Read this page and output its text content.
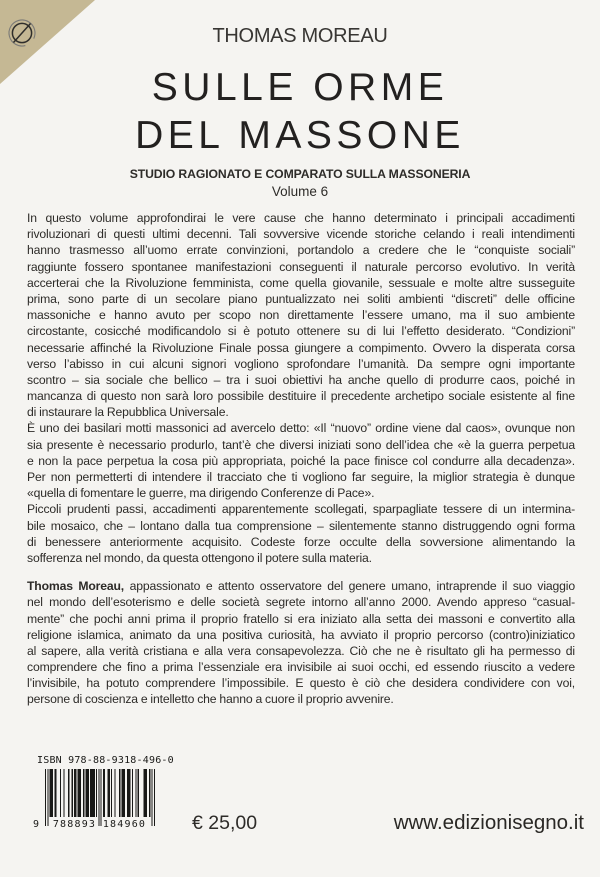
THOMAS MOREAU
SULLE ORME
DEL MASSONE
STUDIO RAGIONATO E COMPARATO SULLA MASSONERIA
Volume 6
In questo volume approfondirai le vere cause che hanno determinato i principali accadimenti
rivoluzionari di questi ultimi decenni. Tali sovversive vicende storiche celando i reali intendimenti
hanno trasmesso all’uomo errate convinzioni, portandolo a credere che le “conquiste sociali”
raggiunte fossero spontanee manifestazioni conseguenti il naturale percorso evolutivo. In verità
accerterai che la Rivoluzione femminista, come quella giovanile, sessuale e molte altre susseguite
prima, sono parte di un secolare piano puntualizzato nei soliti ambienti “discreti” delle officine
massoniche e hanno avuto per scopo non direttamente l’essere umano, ma il suo ambiente
circostante, cosicché modificandolo si è potuto ottenere su di lui l’effetto desiderato. “Condizioni”
necessarie affinché la Rivoluzione Finale possa giungere a compimento. Ovvero la disperata corsa
verso l’abisso in cui alcuni signori vogliono sprofondare l’umanità. Da sempre ogni importante
scontro – sia sociale che bellico – tra i suoi obiettivi ha anche quello di produrre caos, poiché in
mancanza di questo non sarà loro possibile destituire il precedente archetipo sociale esistente al fine
di instaurare la Repubblica Universale.
È uno dei basilari motti massonici ad avercelo detto: «Il “nuovo” ordine viene dal caos», ovunque non
sia presente è necessario produrlo, tant’è che diversi iniziati sono dell’idea che «è la guerra perpetua
e non la pace perpetua la cosa più appropriata, poiché la pace finisce col condurre alla decadenza».
Per non permetterti di intendere il tracciato che ti vogliono far seguire, la miglior strategia è dunque
«quella di fomentare le guerre, ma dirigendo Conferenze di Pace».
Piccoli prudenti passi, accadimenti apparentemente scollegati, sparpagliate tessere di un intermina-
bile mosaico, che – lontano dalla tua comprensione – silentemente stanno distruggendo ogni forma
di benessere anteriormente acquisito. Codeste forze occulte della sovversione alimentando la
sofferenza nel mondo, da questa ottengono il potere sulla materia.
Thomas Moreau, appassionato e attento osservatore del genere umano, intraprende il suo viaggio
nel mondo dell’esoterismo e delle società segrete intorno all’anno 2000. Avendo appreso “casual-
mente” che pochi anni prima il proprio fratello si era iniziato alla setta dei massoni e convertito alla
religione islamica, animato da una positiva curiosità, ha avviato il proprio percorso (contro)iniziatico
al sapere, alla verità cristiana e alla vera consapevolezza. Ciò che ne è risultato gli ha permesso di
comprendere che fino a prima l’essenziale era invisibile ai suoi occhi, ed essendo riuscito a vedere
l’invisibile, ha potuto comprendere l’impossibile. E questo è ciò che desidera condividere con voi,
persone di coscienza e intelletto che hanno a cuore il proprio avvenire.
ISBN 978-88-9318-496-0
9 788893 184960 € 25,00	www.edizionisegno.it
